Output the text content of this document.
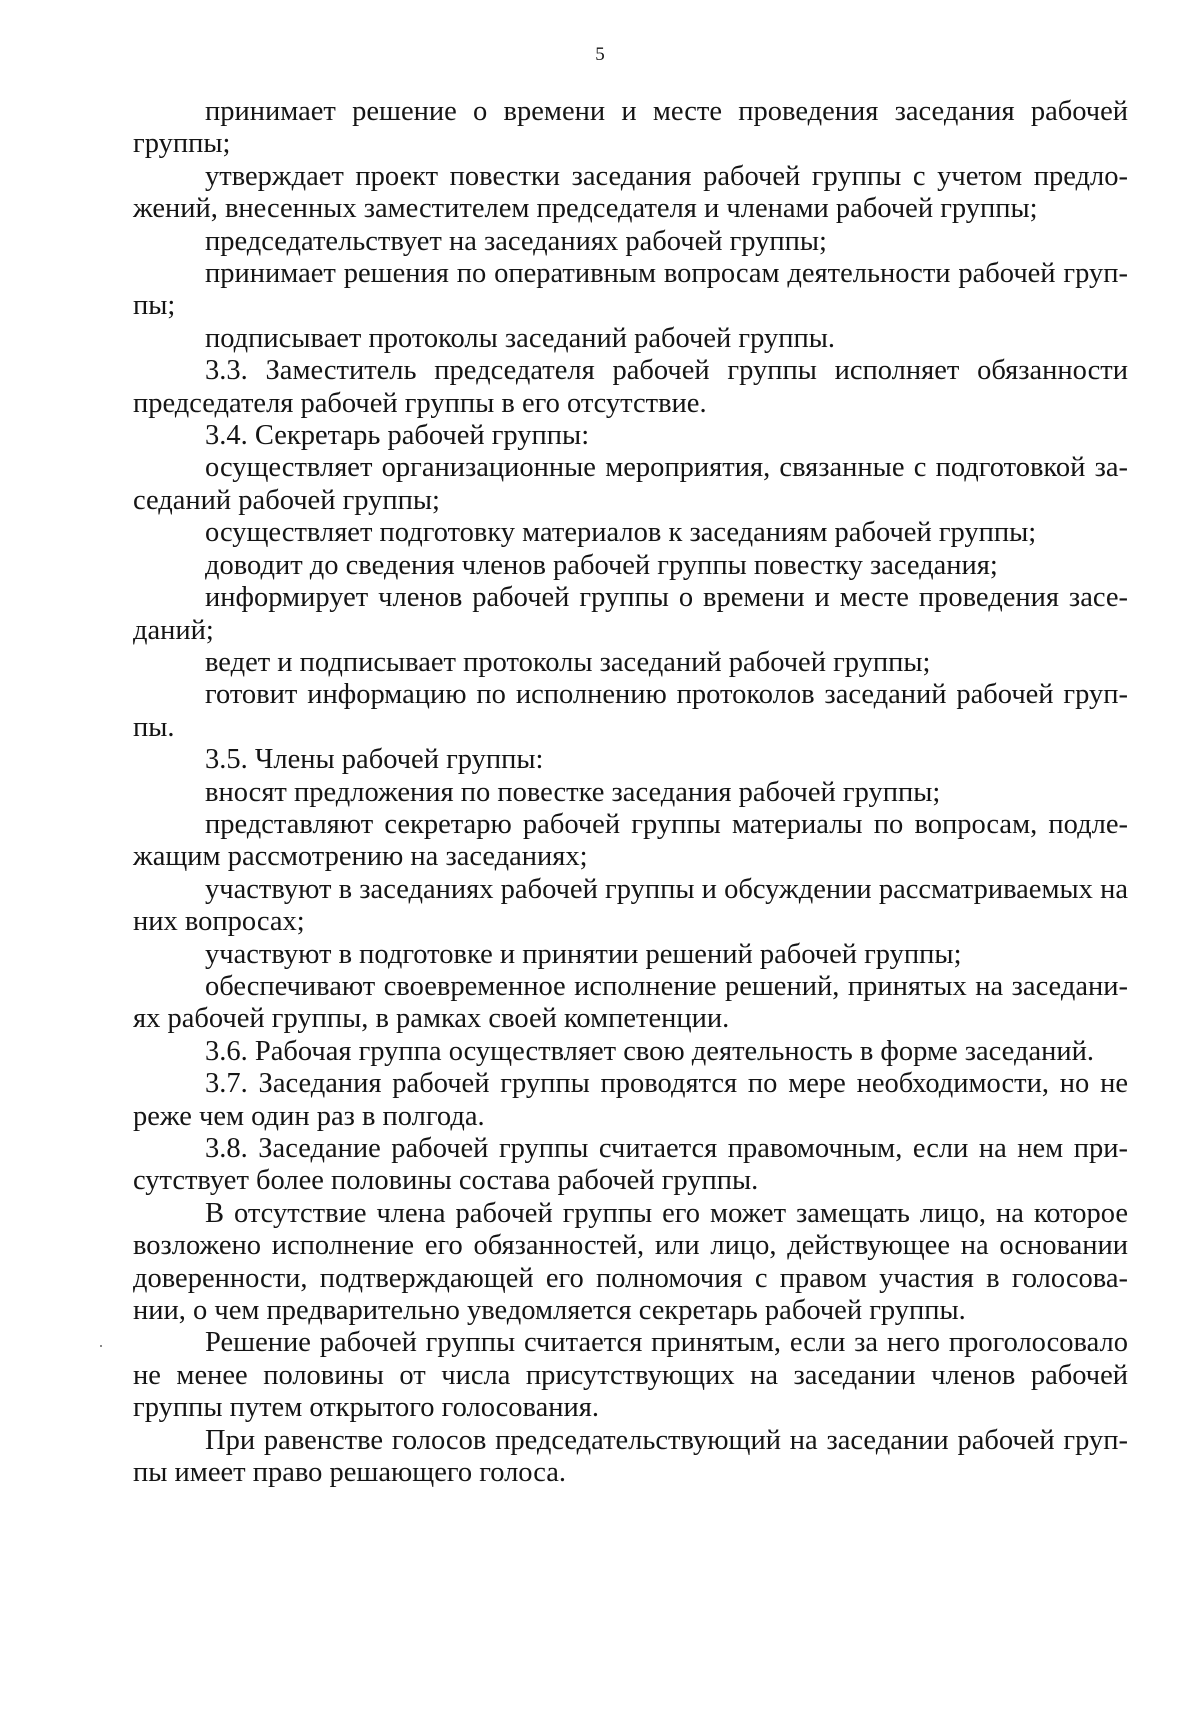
5

принимает решение о времени и месте проведения заседания рабочей группы;

утверждает проект повестки заседания рабочей группы с учетом предложений, внесенных заместителем председателя и членами рабочей группы;

председательствует на заседаниях рабочей группы;

принимает решения по оперативным вопросам деятельности рабочей группы;

подписывает протоколы заседаний рабочей группы.

3.3. Заместитель председателя рабочей группы исполняет обязанности председателя рабочей группы в его отсутствие.

3.4. Секретарь рабочей группы:

осуществляет организационные мероприятия, связанные с подготовкой заседаний рабочей группы;

осуществляет подготовку материалов к заседаниям рабочей группы;

доводит до сведения членов рабочей группы повестку заседания;

информирует членов рабочей группы о времени и месте проведения заседаний;

ведет и подписывает протоколы заседаний рабочей группы;

готовит информацию по исполнению протоколов заседаний рабочей группы.

3.5. Члены рабочей группы:

вносят предложения по повестке заседания рабочей группы;

представляют секретарю рабочей группы материалы по вопросам, подлежащим рассмотрению на заседаниях;

участвуют в заседаниях рабочей группы и обсуждении рассматриваемых на них вопросах;

участвуют в подготовке и принятии решений рабочей группы;

обеспечивают своевременное исполнение решений, принятых на заседаниях рабочей группы, в рамках своей компетенции.

3.6. Рабочая группа осуществляет свою деятельность в форме заседаний.

3.7. Заседания рабочей группы проводятся по мере необходимости, но не реже чем один раз в полгода.

3.8. Заседание рабочей группы считается правомочным, если на нем присутствует более половины состава рабочей группы.

В отсутствие члена рабочей группы его может замещать лицо, на которое возложено исполнение его обязанностей, или лицо, действующее на основании доверенности, подтверждающей его полномочия с правом участия в голосовании, о чем предварительно уведомляется секретарь рабочей группы.

Решение рабочей группы считается принятым, если за него проголосовало не менее половины от числа присутствующих на заседании членов рабочей группы путем открытого голосования.

При равенстве голосов председательствующий на заседании рабочей группы имеет право решающего голоса.
